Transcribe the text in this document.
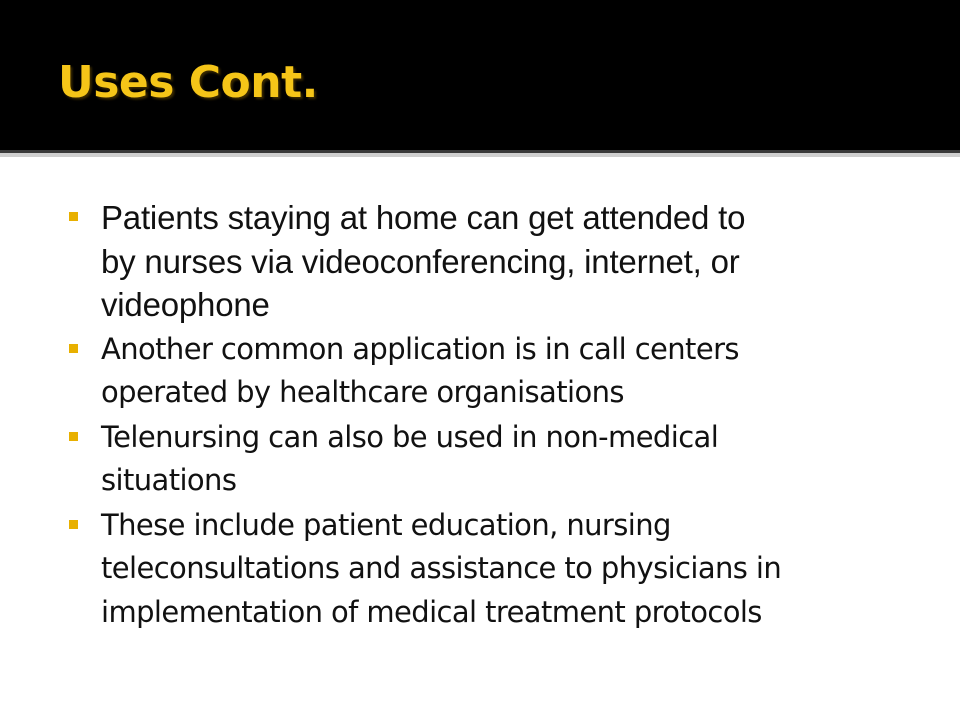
Uses Cont.
Patients staying at home can get attended to
by nurses via videoconferencing, internet, or
videophone
Another common application is in call centers
operated by healthcare organisations
Telenursing can also be used in non-medical
situations
These include patient education, nursing
teleconsultations and assistance to physicians in
implementation of medical treatment protocols
